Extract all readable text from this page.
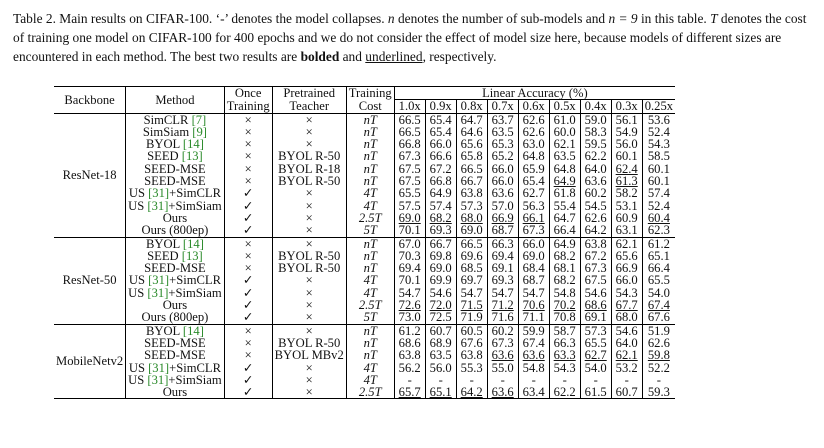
Table 2. Main results on CIFAR-100. ‘-’ denotes the model collapses. n denotes the number of sub-models and n = 9 in this table. T denotes the cost of training one model on CIFAR-100 for 400 epochs and we do not consider the effect of model size here, because models of different sizes are encountered in each method. The best two results are bolded and underlined, respectively.
Backbone	Method	Once	Pretrained	Training	Linear Accuracy (%)								
		Training	Teacher	Cost	1.0x	0.9x	0.8x	0.7x	0.6x	0.5x	0.4x	0.3x	0.25x
ResNet-18	SimCLR [7]	×	×	nT	66.5	65.4	64.7	63.7	62.6	61.0	59.0	56.1	53.6
	SimSiam [9]	×	×	nT	66.5	65.4	64.6	63.5	62.6	60.0	58.3	54.9	52.4
	BYOL [14]	×	×	nT	66.8	66.0	65.6	65.3	63.0	62.1	59.5	56.0	54.3
	SEED [13]	×	BYOL R-50	nT	67.3	66.6	65.8	65.2	64.8	63.5	62.2	60.1	58.5
	SEED-MSE	×	BYOL R-18	nT	67.5	67.2	66.5	66.0	65.9	64.8	64.0	62.4	60.1
	SEED-MSE	×	BYOL R-50	nT	67.5	66.8	66.7	66.0	65.4	64.9	63.6	61.3	60.1
	US [31]+SimCLR	✓	×	4T	65.5	64.9	63.8	63.6	62.7	61.8	60.2	58.2	57.4
	US [31]+SimSiam	✓	×	4T	57.5	57.4	57.3	57.0	56.3	55.4	54.5	53.1	52.4
	Ours	✓	×	2.5T	69.0	68.2	68.0	66.9	66.1	64.7	62.6	60.9	60.4
	Ours (800ep)	✓	×	5T	70.1	69.3	69.0	68.7	67.3	66.4	64.2	63.1	62.3
ResNet-50	BYOL [14]	×	×	nT	67.0	66.7	66.5	66.3	66.0	64.9	63.8	62.1	61.2
	SEED [13]	×	BYOL R-50	nT	70.3	69.8	69.6	69.4	69.0	68.2	67.2	65.6	65.1
	SEED-MSE	×	BYOL R-50	nT	69.4	69.0	68.5	69.1	68.4	68.1	67.3	66.9	66.4
	US [31]+SimCLR	✓	×	4T	70.1	69.9	69.7	69.3	68.7	68.2	67.5	66.0	65.5
	US [31]+SimSiam	✓	×	4T	54.7	54.6	54.7	54.7	54.7	54.8	54.6	54.3	54.0
	Ours	✓	×	2.5T	72.6	72.0	71.5	71.2	70.6	70.2	68.6	67.7	67.4
	Ours (800ep)	✓	×	5T	73.0	72.5	71.9	71.6	71.1	70.8	69.1	68.0	67.6
MobileNetv2	BYOL [14]	×	×	nT	61.2	60.7	60.5	60.2	59.9	58.7	57.3	54.6	51.9
	SEED-MSE	×	BYOL R-50	nT	68.6	68.9	67.6	67.3	67.4	66.3	65.5	64.0	62.6
	SEED-MSE	×	BYOL MBv2	nT	63.8	63.5	63.8	63.6	63.6	63.3	62.7	62.1	59.8
	US [31]+SimCLR	✓	×	4T	56.2	56.0	55.3	55.0	54.8	54.3	54.0	53.2	52.2
	US [31]+SimSiam	✓	×	4T	-	-	-	-	-	-	-	-	-
	Ours	✓	×	2.5T	65.7	65.1	64.2	63.6	63.4	62.2	61.5	60.7	59.3
